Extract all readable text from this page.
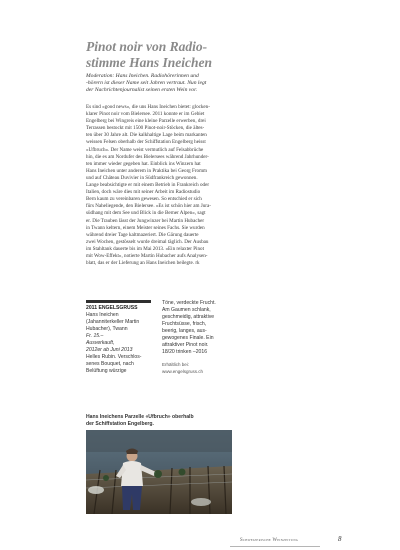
Pinot noir von Radio-
stimme Hans Ineichen

Moderation: Hans Ineichen. Radiohörerinnen und
-hörern ist dieser Name seit Jahren vertraut. Nun legt
der Nachrichtenjournalist seinen ersten Wein vor.

Es sind «good news», die uns Hans Ineichen bietet: glocken-
klarer Pinot noir vom Bielersee. 2011 konnte er im Gebiet
Engelberg bei Wingreis eine kleine Parzelle erwerben, drei
Terrassen bestockt mit 1500 Pinot-noir-Stöcken, die ältes-
ten über 30 Jahre alt. Die kalkhaltige Lage beim markanten
weissen Felsen oberhalb der Schiffstation Engelberg heisst
«Ufbruch». Der Name weist vermutlich auf Felsabbrüche
hin, die es am Nordufer des Bielersees während Jahrhunder-
ten immer wieder gegeben hat. Einblick ins Winzern hat
Hans Ineichen unter anderem in Praktika bei Georg Fromm
und auf Château Duvivier in Südfrankreich gewonnen.
Lange beabsichtigte er mit einem Betrieb in Frankreich oder
Italien, doch wäre dies mit seiner Arbeit im Radiostudio
Bern kaum zu vereinbaren gewesen. So entschied er sich
fürs Naheliegende, den Bielersee. «Es ist schön hier am Jura-
südhang mit dem See und Blick in die Berner Alpen», sagt
er. Die Trauben lässt der Jungwinzer bei Martin Hubacher
in Twann keltern, einem Meister seines Fachs. Sie wurden
während dreier Tage kaltmazeriert. Die Gärung dauerte
zwei Wochen, gestösselt wurde dreimal täglich. Der Ausbau
im Stahltank dauerte bis im Mai 2013. «Ein relaxter Pinot
mit Wow-Effekt», notierte Martin Hubacher aufs Analysen-
blatt, das er der Lieferung an Hans Ineichen beilegte. rk
2011 ENGELSGRUSS
Hans Ineichen
(Jahanniterkeller Martin
Hubacher), Twann
Fr. 15.–
Ausverkauft,
2012er ab Juni 2013
Helles Rubin. Verschlos-
senes Bouquet, nach
Belüftung würzige
Töne, verdeckte Frucht.
Am Gaumen schlank,
geschmeidig, attraktive
Fruchtsüsse, frisch,
beerig, langes, aus-
gewogenes Finale. Ein
attraktiver Pinot noir.
18/20 trinken –2016
Erhältlich bei:
www.engelsgruss.ch
Hans Ineichens Parzelle «Ufbruch» oberhalb
der Schiffstation Engelberg.
Schweizerische Weinzeitung	8
